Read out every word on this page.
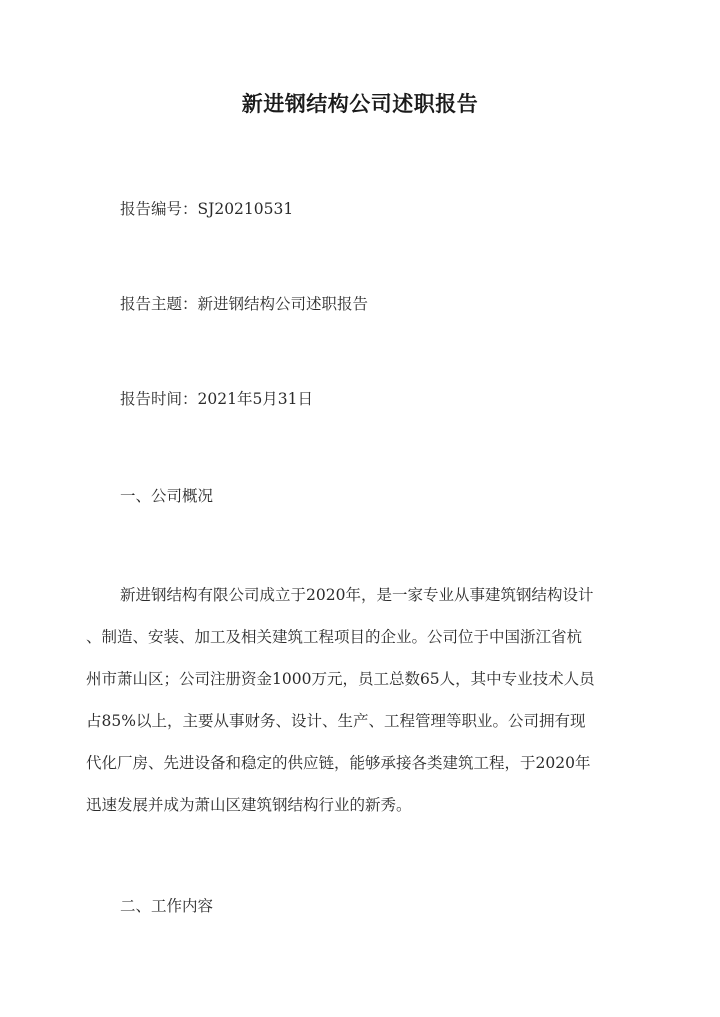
新进钢结构公司述职报告
报告编号：SJ20210531
报告主题：新进钢结构公司述职报告
报告时间：2021年5月31日
一、公司概况
新进钢结构有限公司成立于2020年，是一家专业从事建筑钢结构设计
、制造、安装、加工及相关建筑工程项目的企业。公司位于中国浙江省杭
州市萧山区；公司注册资金1000万元，员工总数65人，其中专业技术人员
占85%以上，主要从事财务、设计、生产、工程管理等职业。公司拥有现
代化厂房、先进设备和稳定的供应链，能够承接各类建筑工程，于2020年
迅速发展并成为萧山区建筑钢结构行业的新秀。
二、工作内容
